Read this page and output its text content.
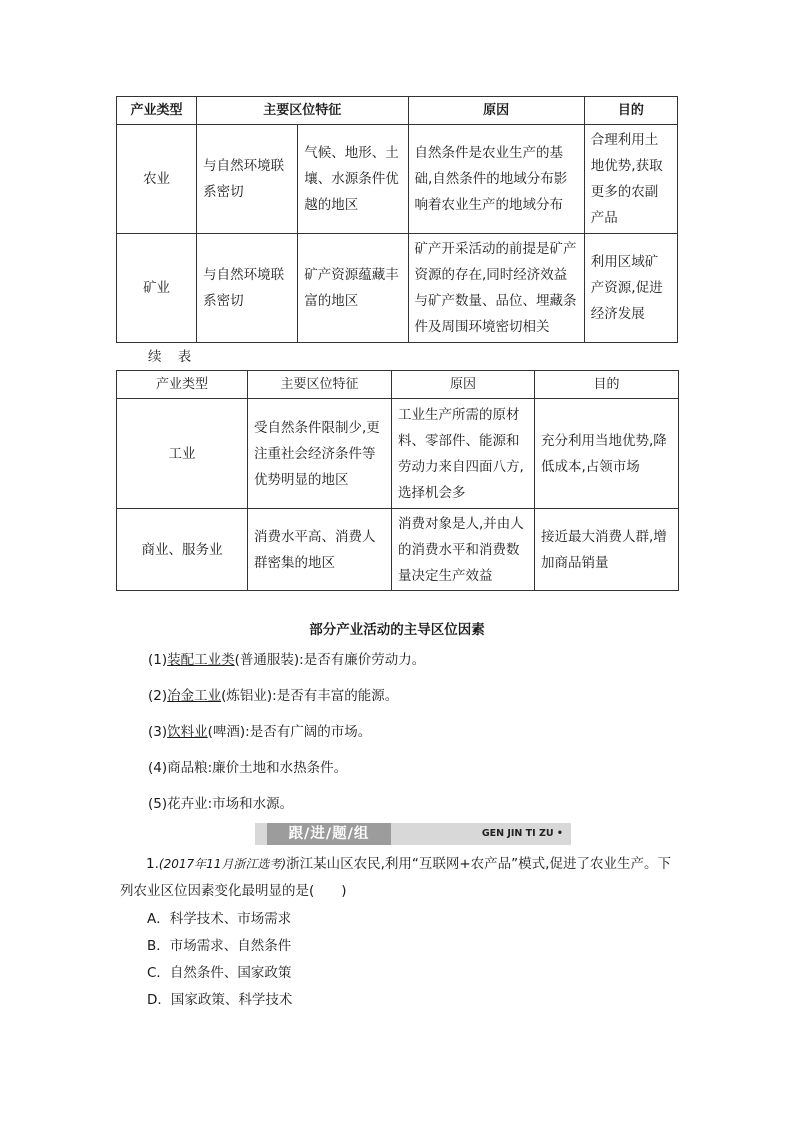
产业类型	主要区位特征		原因	目的
农业	与自然环境联系密切	气候、地形、土壤、水源条件优越的地区	自然条件是农业生产的基础,自然条件的地域分布影响着农业生产的地域分布	合理利用土地优势,获取更多的农副产品
矿业	与自然环境联系密切	矿产资源蕴藏丰富的地区	矿产开采活动的前提是矿产资源的存在,同时经济效益与矿产数量、品位、埋藏条件及周围环境密切相关	利用区域矿产资源,促进经济发展
续 表
产业类型	主要区位特征	原因	目的
工业	受自然条件限制少,更注重社会经济条件等优势明显的地区	工业生产所需的原材料、零部件、能源和劳动力来自四面八方,选择机会多	充分利用当地优势,降低成本,占领市场
商业、服务业	消费水平高、消费人群密集的地区	消费对象是人,并由人的消费水平和消费数量决定生产效益	接近最大消费人群,增加商品销量
部分产业活动的主导区位因素
(1)装配工业类(普通服装):是否有廉价劳动力。
(2)冶金工业(炼铝业):是否有丰富的能源。
(3)饮料业(啤酒):是否有广阔的市场。
(4)商品粮:廉价土地和水热条件。
(5)花卉业:市场和水源。
跟/进/题/组	GEN JIN TI ZU •
1.(2017年11月浙江选考)浙江某山区农民,利用“互联网+农产品”模式,促进了农业生产。下列农业区位因素变化最明显的是(　　)
A．科学技术、市场需求
B．市场需求、自然条件
C．自然条件、国家政策
D．国家政策、科学技术
